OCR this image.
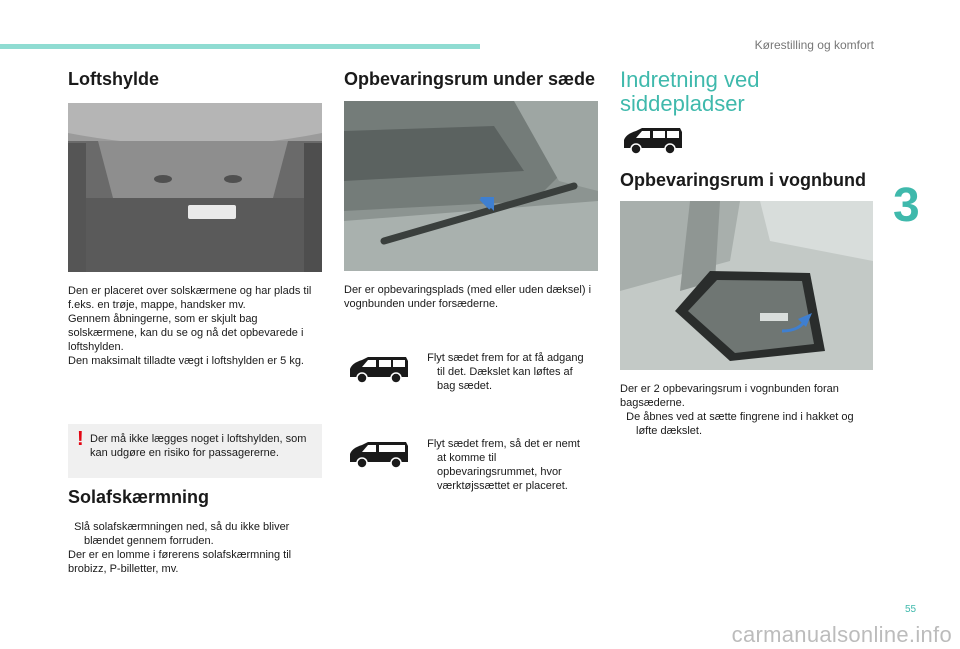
Kørestilling og komfort
3
55
carmanualsonline.info
Loftshylde

Den er placeret over solskærmene og har plads til f.eks. en trøje, mappe, handsker mv.

Gennem åbningerne, som er skjult bag solskærmene, kan du se og nå det opbevarede i loftshylden.

Den maksimalt tilladte vægt i loftshylden er 5 kg.

! Der må ikke lægges noget i loftshylden, som kan udgøre en risiko for passagererne.
Solafskærmning

Slå solafskærmningen ned, så du ikke bliver blændet gennem forruden.

Der er en lomme i førerens solafskærmning til brobizz, P-billetter, mv.

Opbevaringsrum under sæde
Der er opbevaringsplads (med eller uden dæksel) i vognbunden under forsæderne.

Flyt sædet frem for at få adgang til det. Dækslet kan løftes af bag sædet.

Flyt sædet frem, så det er nemt at komme til opbevaringsrummet, hvor værktøjssættet er placeret.

Indretning ved siddepladser
Opbevaringsrum i vognbund

Der er 2 opbevaringsrum i vognbunden foran bagsæderne.

De åbnes ved at sætte fingrene ind i hakket og løfte dækslet.
